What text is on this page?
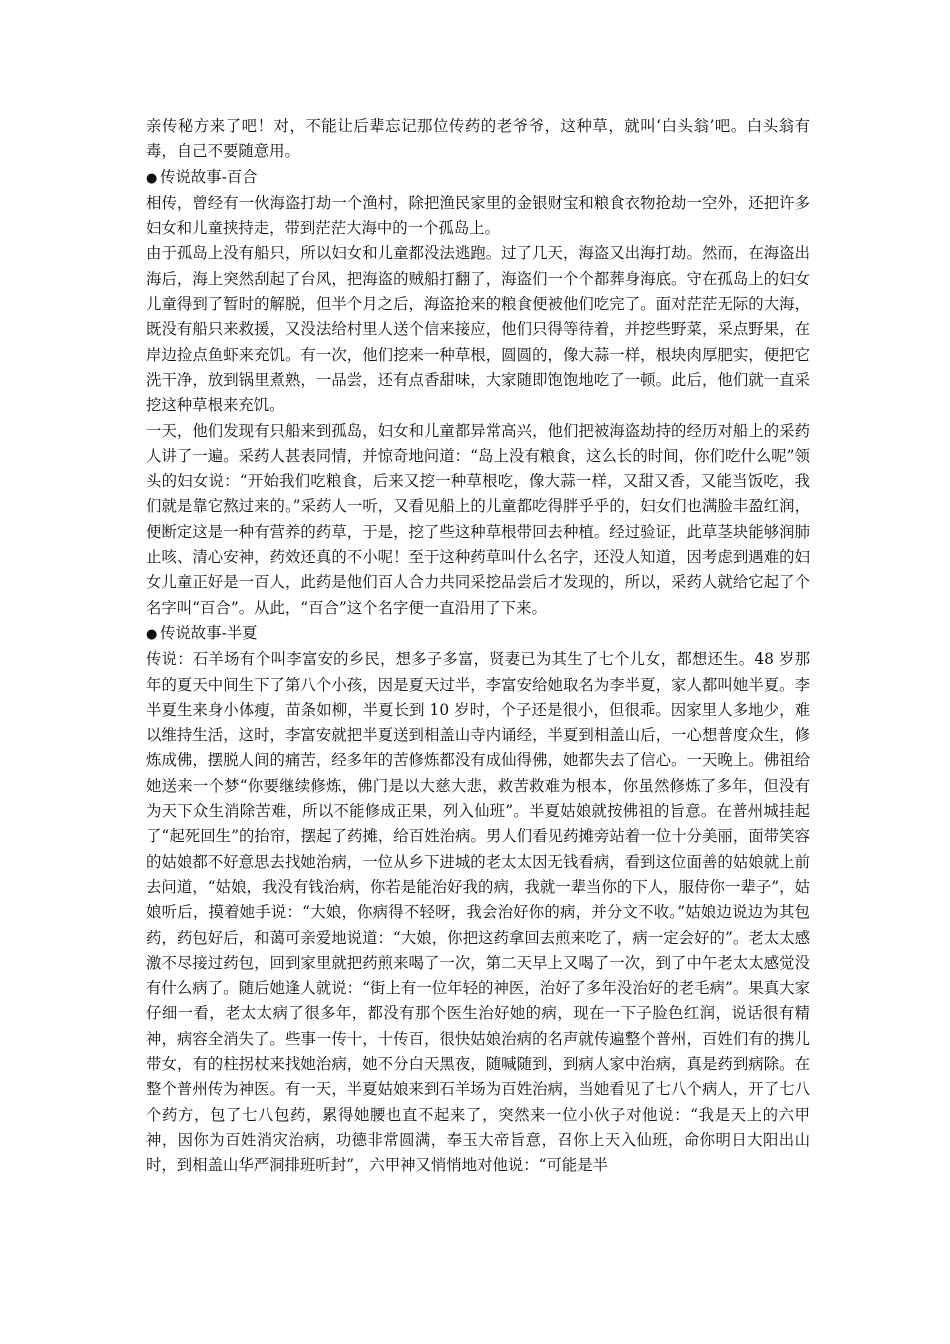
亲传秘方来了吧！对，不能让后辈忘记那位传药的老爷爷，这种草，就叫‘白头翁’吧。白头翁有毒，自己不要随意用。

● 传说故事-百合

相传，曾经有一伙海盗打劫一个渔村，除把渔民家里的金银财宝和粮食衣物抢劫一空外，还把许多妇女和儿童挟持走，带到茫茫大海中的一个孤岛上。

由于孤岛上没有船只，所以妇女和儿童都没法逃跑。过了几天，海盗又出海打劫。然而，在海盗出海后，海上突然刮起了台风，把海盗的贼船打翻了，海盗们一个个都葬身海底。守在孤岛上的妇女儿童得到了暂时的解脱，但半个月之后，海盗抢来的粮食便被他们吃完了。面对茫茫无际的大海，既没有船只来救援，又没法给村里人送个信来接应，他们只得等待着，并挖些野菜，采点野果，在岸边捡点鱼虾来充饥。有一次，他们挖来一种草根，圆圆的，像大蒜一样，根块肉厚肥实，便把它洗干净，放到锅里煮熟，一品尝，还有点香甜味，大家随即饱饱地吃了一顿。此后，他们就一直采挖这种草根来充饥。

一天，他们发现有只船来到孤岛，妇女和儿童都异常高兴，他们把被海盗劫持的经历对船上的采药人讲了一遍。采药人甚表同情，并惊奇地问道：“岛上没有粮食，这么长的时间，你们吃什么呢”领头的妇女说：“开始我们吃粮食，后来又挖一种草根吃，像大蒜一样，又甜又香，又能当饭吃，我们就是靠它熬过来的。”采药人一听，又看见船上的儿童都吃得胖乎乎的，妇女们也满脸丰盈红润，便断定这是一种有营养的药草，于是，挖了些这种草根带回去种植。经过验证，此草茎块能够润肺止咳、清心安神，药效还真的不小呢！至于这种药草叫什么名字，还没人知道，因考虑到遇难的妇女儿童正好是一百人，此药是他们百人合力共同采挖品尝后才发现的，所以，采药人就给它起了个名字叫“百合”。从此，“百合”这个名字便一直沿用了下来。

● 传说故事-半夏

传说：石羊场有个叫李富安的乡民，想多子多富，贤妻已为其生了七个儿女，都想还生。48 岁那年的夏天中间生下了第八个小孩，因是夏天过半，李富安给她取名为李半夏，家人都叫她半夏。李半夏生来身小体瘦，苗条如柳，半夏长到 10 岁时，个子还是很小，但很乖。因家里人多地少，难以维持生活，这时，李富安就把半夏送到相盖山寺内诵经，半夏到相盖山后，一心想普度众生，修炼成佛，摆脱人间的痛苦，经多年的苦修炼都没有成仙得佛，她都失去了信心。一天晚上。佛祖给她送来一个梦“你要继续修炼，佛门是以大慈大悲，救苦救难为根本，你虽然修炼了多年，但没有为天下众生消除苦难，所以不能修成正果，列入仙班”。半夏姑娘就按佛祖的旨意。在普州城挂起了“起死回生”的抬帘，摆起了药摊，给百姓治病。男人们看见药摊旁站着一位十分美丽，面带笑容的姑娘都不好意思去找她治病，一位从乡下进城的老太太因无钱看病，看到这位面善的姑娘就上前去问道，“姑娘，我没有钱治病，你若是能治好我的病，我就一辈当你的下人，服侍你一辈子”，姑娘听后，摸着她手说：“大娘，你病得不轻呀，我会治好你的病，并分文不收。”姑娘边说边为其包药，药包好后，和蔼可亲爱地说道：“大娘，你把这药拿回去煎来吃了，病一定会好的”。老太太感激不尽接过药包，回到家里就把药煎来喝了一次，第二天早上又喝了一次，到了中午老太太感觉没有什么病了。随后她逢人就说：“街上有一位年轻的神医，治好了多年没治好的老毛病”。果真大家仔细一看，老太太病了很多年，都没有那个医生治好她的病，现在一下子脸色红润，说话很有精神，病容全消失了。些事一传十，十传百，很快姑娘治病的名声就传遍整个普州，百姓们有的携儿带女，有的柱拐杖来找她治病，她不分白天黑夜，随喊随到，到病人家中治病，真是药到病除。在整个普州传为神医。有一天，半夏姑娘来到石羊场为百姓治病，当她看见了七八个病人，开了七八个药方，包了七八包药，累得她腰也直不起来了，突然来一位小伙子对他说：“我是天上的六甲神，因你为百姓消灾治病，功德非常圆满，奉玉大帝旨意，召你上天入仙班，命你明日大阳出山时，到相盖山华严洞排班听封”，六甲神又悄悄地对他说：“可能是半
